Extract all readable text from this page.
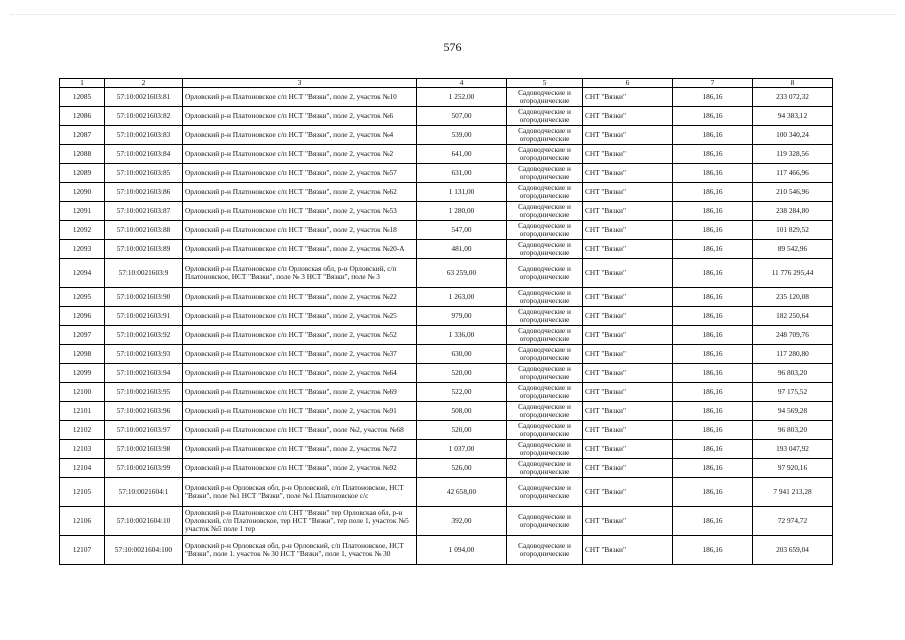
576
1	2	3	4	5	6	7	8
12085	57:10:0021603:81	Орловский р-н Платоновское с/п НСТ "Вязки", поле 2, участок №10	1 252,00	Садоводческие и огороднические	СНТ "Вязки"	186,16	233 072,32
12086	57:10:0021603:82	Орловский р-н Платоновское с/п НСТ "Вязки", поле 2, участок №6	507,00	Садоводческие и огороднические	СНТ "Вязки"	186,16	94 383,12
12087	57:10:0021603:83	Орловский р-н Платоновское с/п НСТ "Вязки", поле 2, участок №4	539,00	Садоводческие и огороднические	СНТ "Вязки"	186,16	100 340,24
12088	57:10:0021603:84	Орловский р-н Платоновское с/п НСТ "Вязки", поле 2, участок №2	641,00	Садоводческие и огороднические	СНТ "Вязки"	186,16	119 328,56
12089	57:10:0021603:85	Орловский р-н Платоновское с/п НСТ "Вязки", поле 2, участок №57	631,00	Садоводческие и огороднические	СНТ "Вязки"	186,16	117 466,96
12090	57:10:0021603:86	Орловский р-н Платоновское с/п НСТ "Вязки", поле 2, участок №62	1 131,00	Садоводческие и огороднические	СНТ "Вязки"	186,16	210 546,96
12091	57:10:0021603:87	Орловский р-н Платоновское с/п НСТ "Вязки", поле 2, участок №53	1 280,00	Садоводческие и огороднические	СНТ "Вязки"	186,16	238 284,80
12092	57:10:0021603:88	Орловский р-н Платоновское с/п НСТ "Вязки", поле 2, участок №18	547,00	Садоводческие и огороднические	СНТ "Вязки"	186,16	101 829,52
12093	57:10:0021603:89	Орловский р-н Платоновское с/п НСТ "Вязки", поле 2, участок №20-А	481,00	Садоводческие и огороднические	СНТ "Вязки"	186,16	89 542,96
12094	57:10:0021603:9	Орловский р-н Платоновское с/п Орловская обл, р-н Орловский, с/п Платоновское, НСТ "Вязки", поле № 3 НСТ "Вязки", поле № 3	63 259,00	Садоводческие и огороднические	СНТ "Вязки"	186,16	11 776 295,44
12095	57:10:0021603:90	Орловский р-н Платоновское с/п НСТ "Вязки", поле 2, участок №22	1 263,00	Садоводческие и огороднические	СНТ "Вязки"	186,16	235 120,08
12096	57:10:0021603:91	Орловский р-н Платоновское с/п НСТ "Вязки", поле 2, участок №25	979,00	Садоводческие и огороднические	СНТ "Вязки"	186,16	182 250,64
12097	57:10:0021603:92	Орловский р-н Платоновское с/п НСТ "Вязки", поле 2, участок №52	1 336,00	Садоводческие и огороднические	СНТ "Вязки"	186,16	248 709,76
12098	57:10:0021603:93	Орловский р-н Платоновское с/п НСТ "Вязки", поле 2, участок №37	630,00	Садоводческие и огороднические	СНТ "Вязки"	186,16	117 280,80
12099	57:10:0021603:94	Орловский р-н Платоновское с/п НСТ "Вязки", поле 2, участок №64	520,00	Садоводческие и огороднические	СНТ "Вязки"	186,16	96 803,20
12100	57:10:0021603:95	Орловский р-н Платоновское с/п НСТ "Вязки", поле 2, участок №69	522,00	Садоводческие и огороднические	СНТ "Вязки"	186,16	97 175,52
12101	57:10:0021603:96	Орловский р-н Платоновское с/п НСТ "Вязки", поле 2, участок №91	508,00	Садоводческие и огороднические	СНТ "Вязки"	186,16	94 569,28
12102	57:10:0021603:97	Орловский р-н Платоновское с/п НСТ "Вязки", поле №2, участок №68	520,00	Садоводческие и огороднические	СНТ "Вязки"	186,16	96 803,20
12103	57:10:0021603:98	Орловский р-н Платоновское с/п НСТ "Вязки", поле 2, участок №72	1 037,00	Садоводческие и огороднические	СНТ "Вязки"	186,16	193 047,92
12104	57:10:0021603:99	Орловский р-н Платоновское с/п НСТ "Вязки", поле 2, участок №92	526,00	Садоводческие и огороднические	СНТ "Вязки"	186,16	97 920,16
12105	57:10:0021604:1	Орловский р-н Орловская обл, р-н Орловский, с/п Платоновское, НСТ "Вязки", поле №1 НСТ "Вязки", поле №1 Платоновское с/с	42 658,00	Садоводческие и огороднические	СНТ "Вязки"	186,16	7 941 213,28
12106	57:10:0021604:10	Орловский р-н Платоновское с/п СНТ "Вязки" тер Орловская обл, р-н Орловский, с/п Платоновское, тер НСТ "Вязки", тер поле 1, участок №5 участок №5 поле 1 тер	392,00	Садоводческие и огороднические	СНТ "Вязки"	186,16	72 974,72
12107	57:10:0021604:100	Орловский р-н Орловская обл, р-н Орловский, с/п Платоновское, НСТ "Вязки", поле 1. участок № 30 НСТ "Вязки", поле 1, участок № 30	1 094,00	Садоводческие и огороднические	СНТ "Вязки"	186,16	203 659,04
